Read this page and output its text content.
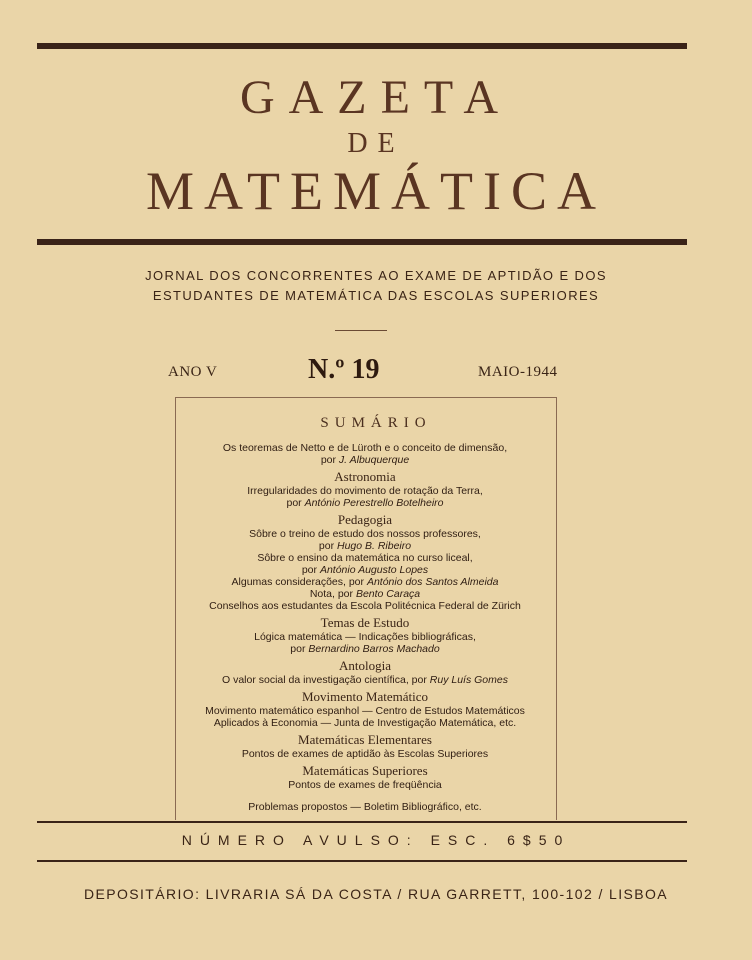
GAZETA
DE
MATEMÁTICA
JORNAL DOS CONCORRENTES AO EXAME DE APTIDÃO E DOS
ESTUDANTES DE MATEMÁTICA DAS ESCOLAS SUPERIORES
ANO V	N.º 19	MAIO-1944
SUMÁRIO
Os teoremas de Netto e de Lüroth e o conceito de dimensão,
por J. Albuquerque
Astronomia
Irregularidades do movimento de rotação da Terra,
por António Perestrello Botelheiro
Pedagogia
Sôbre o treino de estudo dos nossos professores,
por Hugo B. Ribeiro
Sôbre o ensino da matemática no curso liceal,
por António Augusto Lopes
Algumas considerações, por António dos Santos Almeida
Nota, por Bento Caraça
Conselhos aos estudantes da Escola Politécnica Federal de Zürich
Temas de Estudo
Lógica matemática — Indicações bibliográficas,
por Bernardino Barros Machado
Antologia
O valor social da investigação científica, por Ruy Luís Gomes
Movimento Matemático
Movimento matemático espanhol — Centro de Estudos Matemáticos
Aplicados à Economia — Junta de Investigação Matemática, etc.
Matemáticas Elementares
Pontos de exames de aptidão às Escolas Superiores
Matemáticas Superiores
Pontos de exames de freqüência
Problemas propostos — Boletim Bibliográfico, etc.
NÚMERO AVULSO: ESC. 6$50
DEPOSITÁRIO: LIVRARIA SÁ DA COSTA / RUA GARRETT, 100-102 / LISBOA
